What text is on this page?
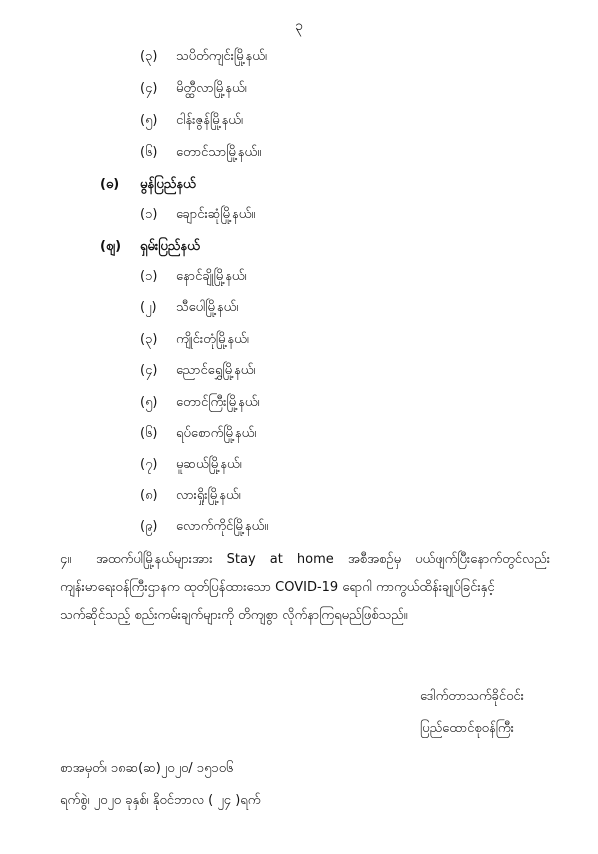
၃
(၃)	သပိတ်ကျင်းမြို့နယ်၊
(၄)	မိတ္ထီလာမြို့နယ်၊
(၅)	ငါန်းဇွန်မြို့နယ်၊
(၆)	တောင်သာမြို့နယ်။
(ဓ) မွန်ပြည်နယ်
(၁)	ချောင်းဆုံမြို့နယ်။
(ဈ) ရှမ်းပြည်နယ်
(၁)	နောင်ချိုမြို့နယ်၊
(၂)	သီပေါမြို့နယ်၊
(၃)	ကျိုင်းတုံမြို့နယ်၊
(၄)	ညောင်ရွှေမြို့နယ်၊
(၅)	တောင်ကြီးမြို့နယ်၊
(၆)	ရပ်စောက်မြို့နယ်၊
(၇)	မူဆယ်မြို့နယ်၊
(၈)	လားရှိုးမြို့နယ်၊
(၉)	လောက်ကိုင်မြို့နယ်။
၄။ အထက်ပါမြို့နယ်များအား Stay at home အစီအစဉ်မှ ပယ်ဖျက်ပြီးနောက်တွင်လည်း
ကျန်းမာရေးဝန်ကြီးဌာနက ထုတ်ပြန်ထားသော COVID-19 ရောဂါ ကာကွယ်ထိန်းချုပ်ခြင်းနှင့်
သက်ဆိုင်သည့် စည်းကမ်းချက်များကို တိကျစွာ လိုက်နာကြရမည်ဖြစ်သည်။
ဒေါက်တာသက်ခိုင်ဝင်း
ပြည်ထောင်စုဝန်ကြီး
စာအမှတ်၊ ၁၈ဆ(ဆ)၂၀၂၀/ ၁၅၁၀၆
ရက်စွဲ၊ ၂၀၂၀ ခုနှစ်၊ နိုဝင်ဘာလ ( ၂၄ )ရက်
